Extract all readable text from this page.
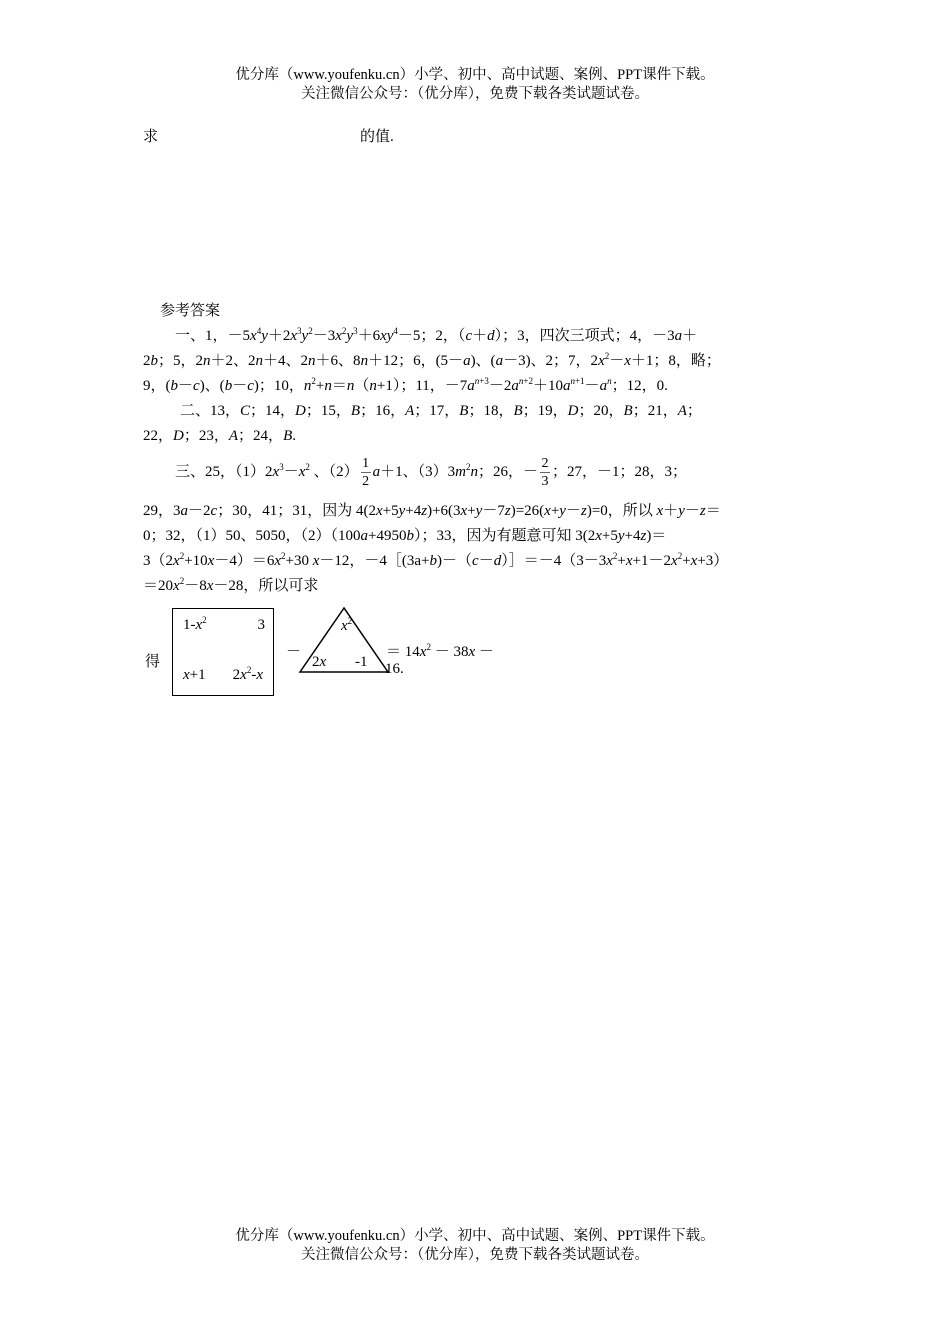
优分库（www.youfenku.cn）小学、初中、高中试题、案例、PPT课件下载。
关注微信公众号：（优分库），免费下载各类试题试卷。
求	的值.
参考答案
一、1，$-5x^4y+2x^3y^2-3x^2y^3+6xy^4-5$；2，（c＋d）；3，四次三项式；4，－3a＋
2b；5，2n＋2、2n＋4、2n＋6、8n＋12；6，(5－a)、(a－3)、2；7，$2x^2-x+1$；8，略；
9，(b－c)、(b－c)；10，$n^2+n=n(n+1)$；11，$-7a^{n+3}-2a^{n+2}+10a^{n+1}-a^n$；12，0.
二、13，C；14，D；15，B；16，A；17，B；18，B；19，D；20，B；21，A；
22，D；23，A；24，B.
三、25，$(1)2x^3-x^2$ 、$(2) \frac{1}{2} a+1$、$(3)3m^2n$；26，－ $\frac{2}{3}$ ；27，－1；28，3；
29，3a－2c；30，41；31，因为 4(2x+5y+4z)+6(3x+y－7z)=26(x+y－z)=0，所以 x＋y－z＝
0；32，（1）50、5050，（2）（100a+4950b）；33，因为有题意可知 3(2x+5y+4z)＝
$3(2x^2+10x-4)=6x^2+30$ x－12，$-4[(3a+b)-(c-d)]=-4(3-3x^2+x+1-2x^2+x+3)$
$=20x^2-8x-28$，所以可求
得
$1-x^2$	3
x+1 $2x^2-x$
－
$x^2$
2x -1
＝ $14x^2 - 38x$ －
16.
优分库（www.youfenku.cn）小学、初中、高中试题、案例、PPT课件下载。
关注微信公众号：（优分库），免费下载各类试题试卷。
